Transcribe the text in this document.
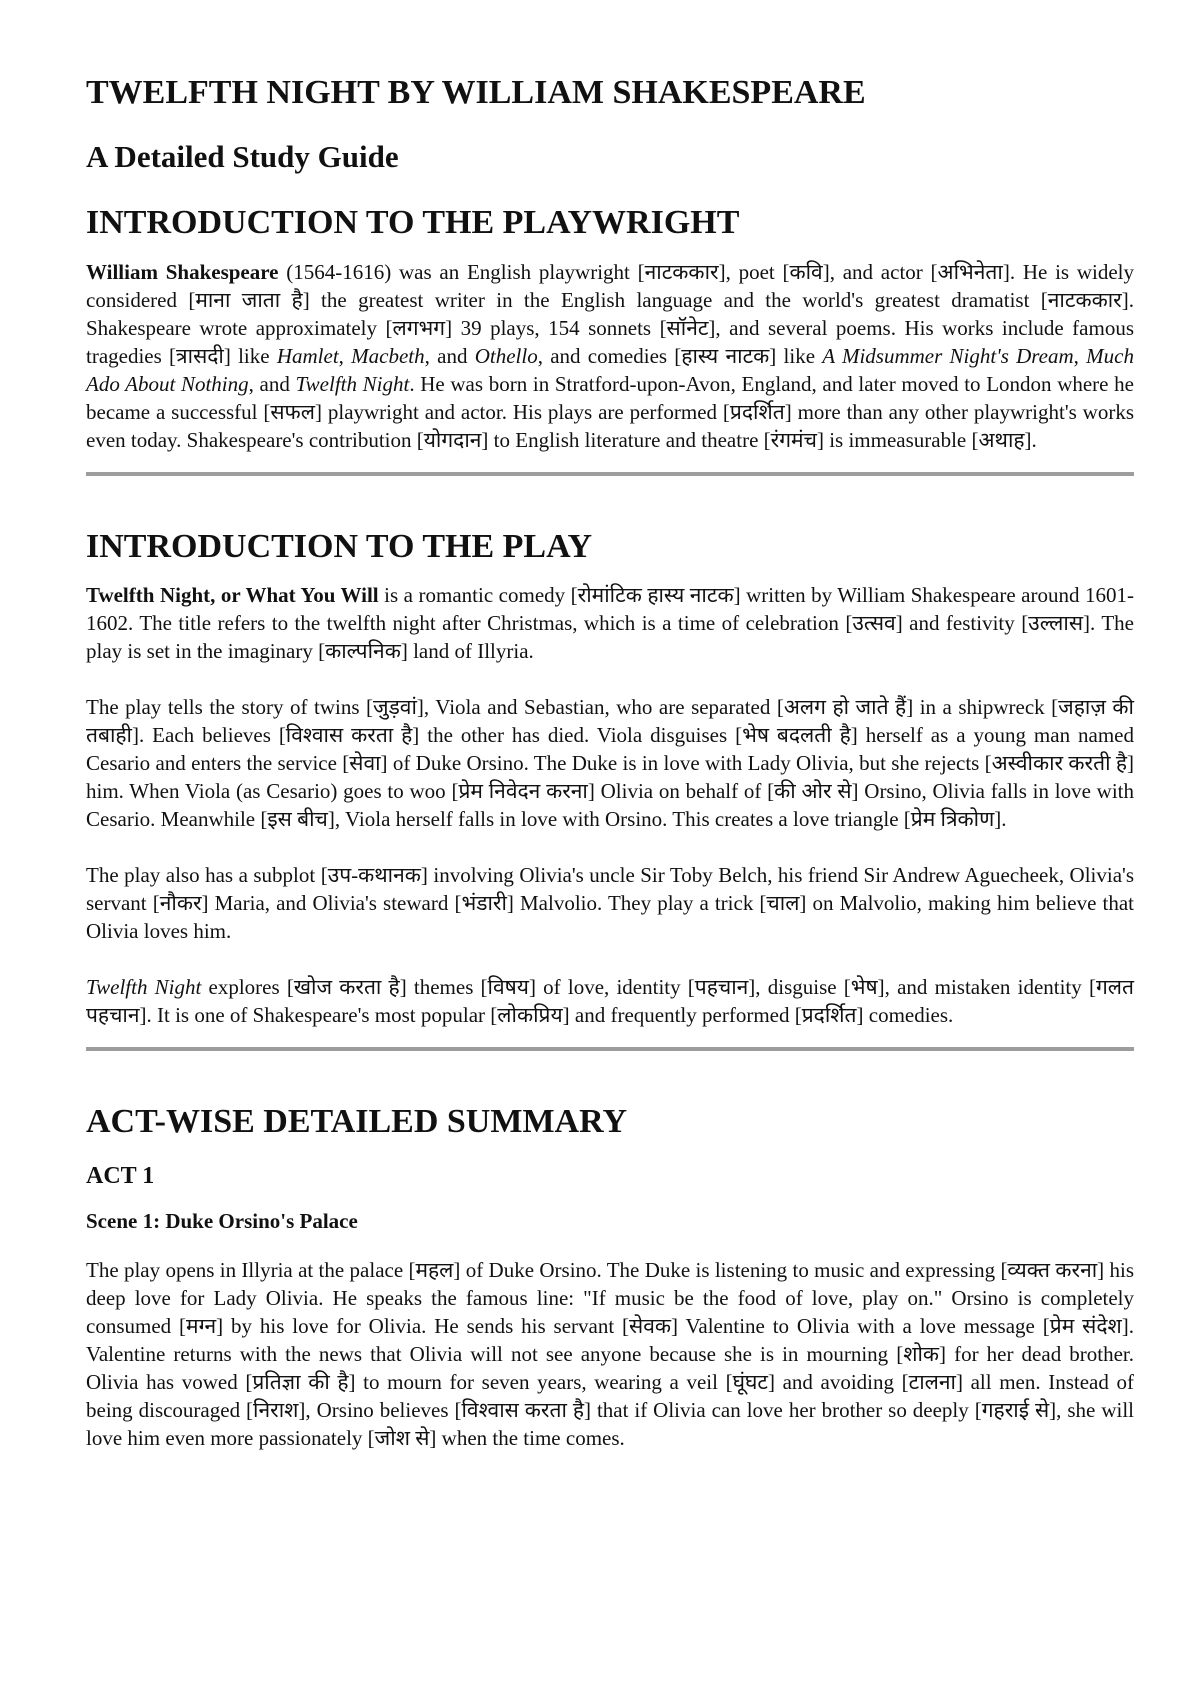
TWELFTH NIGHT BY WILLIAM SHAKESPEARE
A Detailed Study Guide
INTRODUCTION TO THE PLAYWRIGHT

William Shakespeare (1564-1616) was an English playwright [नाटककार], poet [कवि], and actor [अभिनेता]. He is widely considered [माना जाता है] the greatest writer in the English language and the world's greatest dramatist [नाटककार]. Shakespeare wrote approximately [लगभग] 39 plays, 154 sonnets [सॉनेट], and several poems. His works include famous tragedies [त्रासदी] like Hamlet, Macbeth, and Othello, and comedies [हास्य नाटक] like A Midsummer Night's Dream, Much Ado About Nothing, and Twelfth Night. He was born in Stratford-upon-Avon, England, and later moved to London where he became a successful [सफल] playwright and actor. His plays are performed [प्रदर्शित] more than any other playwright's works even today. Shakespeare's contribution [योगदान] to English literature and theatre [रंगमंच] is immeasurable [अथाह].

INTRODUCTION TO THE PLAY

Twelfth Night, or What You Will is a romantic comedy [रोमांटिक हास्य नाटक] written by William Shakespeare around 1601-1602. The title refers to the twelfth night after Christmas, which is a time of celebration [उत्सव] and festivity [उल्लास]. The play is set in the imaginary [काल्पनिक] land of Illyria.

The play tells the story of twins [जुड़वां], Viola and Sebastian, who are separated [अलग हो जाते हैं] in a shipwreck [जहाज़ की तबाही]. Each believes [विश्वास करता है] the other has died. Viola disguises [भेष बदलती है] herself as a young man named Cesario and enters the service [सेवा] of Duke Orsino. The Duke is in love with Lady Olivia, but she rejects [अस्वीकार करती है] him. When Viola (as Cesario) goes to woo [प्रेम निवेदन करना] Olivia on behalf of [की ओर से] Orsino, Olivia falls in love with Cesario. Meanwhile [इस बीच], Viola herself falls in love with Orsino. This creates a love triangle [प्रेम त्रिकोण].

The play also has a subplot [उप-कथानक] involving Olivia's uncle Sir Toby Belch, his friend Sir Andrew Aguecheek, Olivia's servant [नौकर] Maria, and Olivia's steward [भंडारी] Malvolio. They play a trick [चाल] on Malvolio, making him believe that Olivia loves him.

Twelfth Night explores [खोज करता है] themes [विषय] of love, identity [पहचान], disguise [भेष], and mistaken identity [गलत पहचान]. It is one of Shakespeare's most popular [लोकप्रिय] and frequently performed [प्रदर्शित] comedies.

ACT-WISE DETAILED SUMMARY
ACT 1
Scene 1: Duke Orsino's Palace

The play opens in Illyria at the palace [महल] of Duke Orsino. The Duke is listening to music and expressing [व्यक्त करना] his deep love for Lady Olivia. He speaks the famous line: "If music be the food of love, play on." Orsino is completely consumed [मग्न] by his love for Olivia. He sends his servant [सेवक] Valentine to Olivia with a love message [प्रेम संदेश]. Valentine returns with the news that Olivia will not see anyone because she is in mourning [शोक] for her dead brother. Olivia has vowed [प्रतिज्ञा की है] to mourn for seven years, wearing a veil [घूंघट] and avoiding [टालना] all men. Instead of being discouraged [निराश], Orsino believes [विश्वास करता है] that if Olivia can love her brother so deeply [गहराई से], she will love him even more passionately [जोश से] when the time comes.
